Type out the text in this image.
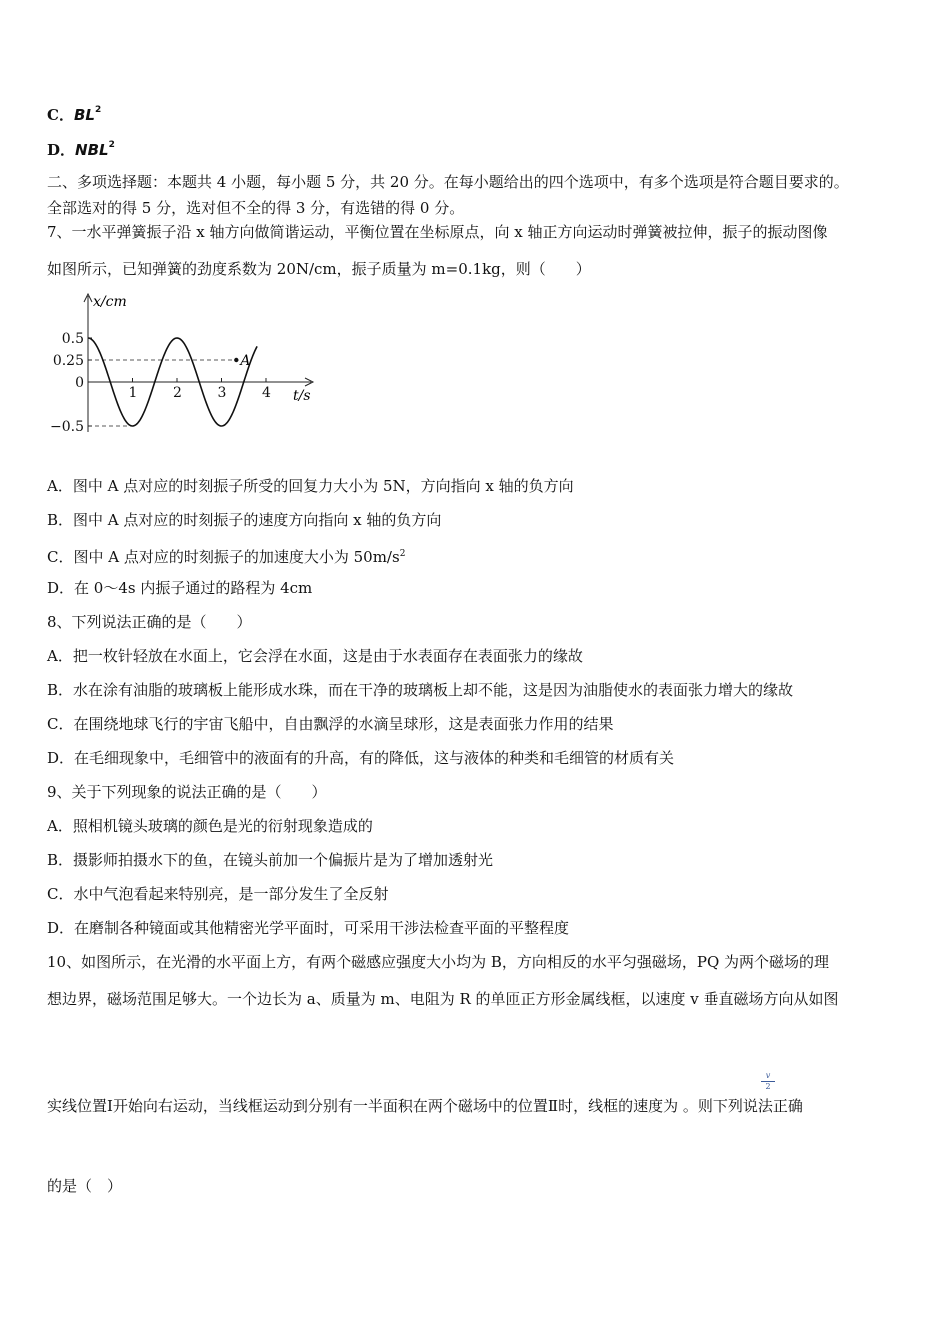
C．$BL^2$
D．NBL$^2$
二、多项选择题：本题共 4 小题，每小题 5 分，共 20 分。在每小题给出的四个选项中，有多个选项是符合题目要求的。
全部选对的得 5 分，选对但不全的得 3 分，有选错的得 0 分。
7、一水平弹簧振子沿 x 轴方向做简谐运动，平衡位置在坐标原点，向 x 轴正方向运动时弹簧被拉伸，振子的振动图像
如图所示，已知弹簧的劲度系数为 20N/cm，振子质量为 m=0.1kg，则（　　）
A
x/cm
t/s
1	2	3	4
0.5
0.25
0
−0.5
A．图中 A 点对应的时刻振子所受的回复力大小为 5N，方向指向 x 轴的负方向
B．图中 A 点对应的时刻振子的速度方向指向 x 轴的负方向
C．图中 A 点对应的时刻振子的加速度大小为 $50m/s^2$
D．在 0～4s 内振子通过的路程为 4cm
8、下列说法正确的是（　　）
A．把一枚针轻放在水面上，它会浮在水面，这是由于水表面存在表面张力的缘故
B．水在涂有油脂的玻璃板上能形成水珠，而在干净的玻璃板上却不能，这是因为油脂使水的表面张力增大的缘故
C．在围绕地球飞行的宇宙飞船中，自由飘浮的水滴呈球形，这是表面张力作用的结果
D．在毛细现象中，毛细管中的液面有的升高，有的降低，这与液体的种类和毛细管的材质有关
9、关于下列现象的说法正确的是（　　）
A．照相机镜头玻璃的颜色是光的衍射现象造成的
B．摄影师拍摄水下的鱼，在镜头前加一个偏振片是为了增加透射光
C．水中气泡看起来特别亮，是一部分发生了全反射
D．在磨制各种镜面或其他精密光学平面时，可采用干涉法检查平面的平整程度
10、如图所示，在光滑的水平面上方，有两个磁感应强度大小均为 B，方向相反的水平匀强磁场，PQ 为两个磁场的理
想边界，磁场范围足够大。一个边长为 a、质量为 m、电阻为 R 的单匝正方形金属线框，以速度 v 垂直磁场方向从如图
$\frac{v}{2}$
实线位置Ⅰ开始向右运动，当线框运动到分别有一半面积在两个磁场中的位置Ⅱ时，线框的速度为 。则下列说法正确
的是（　）
